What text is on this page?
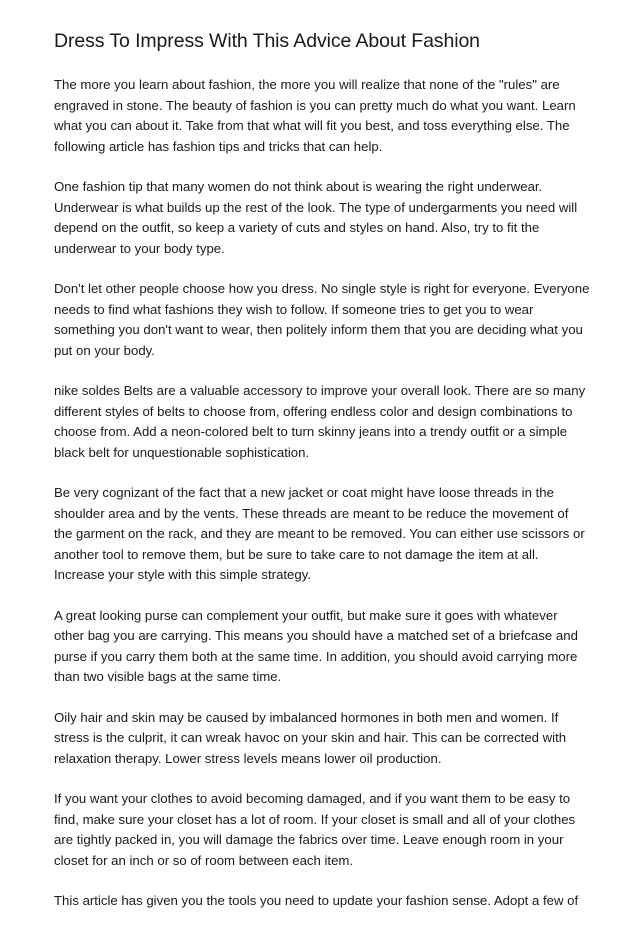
Dress To Impress With This Advice About Fashion

The more you learn about fashion, the more you will realize that none of the "rules" are engraved in stone. The beauty of fashion is you can pretty much do what you want. Learn what you can about it. Take from that what will fit you best, and toss everything else. The following article has fashion tips and tricks that can help.

One fashion tip that many women do not think about is wearing the right underwear. Underwear is what builds up the rest of the look. The type of undergarments you need will depend on the outfit, so keep a variety of cuts and styles on hand. Also, try to fit the underwear to your body type.

Don't let other people choose how you dress. No single style is right for everyone. Everyone needs to find what fashions they wish to follow. If someone tries to get you to wear something you don't want to wear, then politely inform them that you are deciding what you put on your body.

nike soldes Belts are a valuable accessory to improve your overall look. There are so many different styles of belts to choose from, offering endless color and design combinations to choose from. Add a neon-colored belt to turn skinny jeans into a trendy outfit or a simple black belt for unquestionable sophistication.

Be very cognizant of the fact that a new jacket or coat might have loose threads in the shoulder area and by the vents. These threads are meant to be reduce the movement of the garment on the rack, and they are meant to be removed. You can either use scissors or another tool to remove them, but be sure to take care to not damage the item at all. Increase your style with this simple strategy.

A great looking purse can complement your outfit, but make sure it goes with whatever other bag you are carrying. This means you should have a matched set of a briefcase and purse if you carry them both at the same time. In addition, you should avoid carrying more than two visible bags at the same time.

Oily hair and skin may be caused by imbalanced hormones in both men and women. If stress is the culprit, it can wreak havoc on your skin and hair. This can be corrected with relaxation therapy. Lower stress levels means lower oil production.

If you want your clothes to avoid becoming damaged, and if you want them to be easy to find, make sure your closet has a lot of room. If your closet is small and all of your clothes are tightly packed in, you will damage the fabrics over time. Leave enough room in your closet for an inch or so of room between each item.

This article has given you the tools you need to update your fashion sense. Adopt a few of
